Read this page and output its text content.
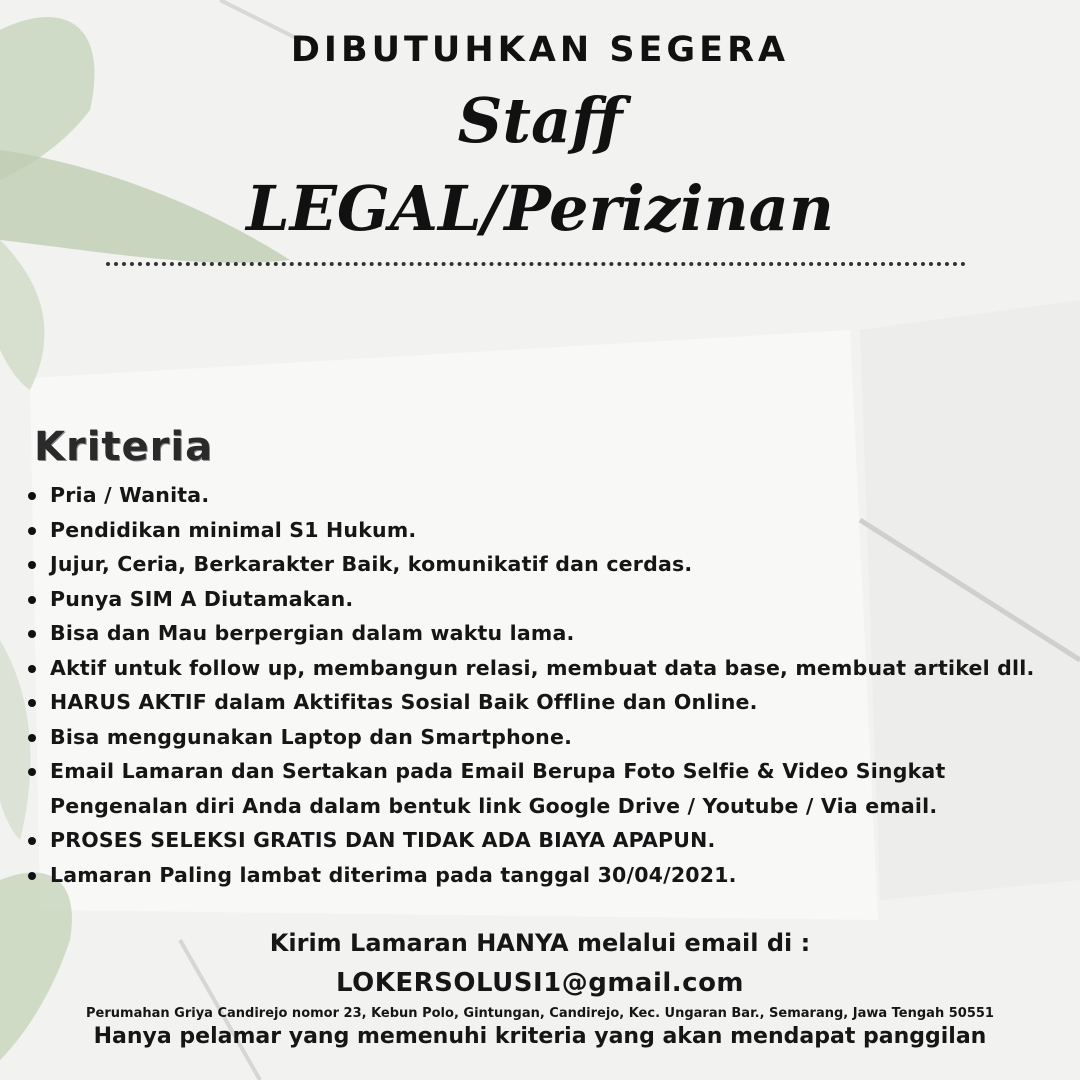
DIBUTUHKAN SEGERA
Staff
LEGAL/Perizinan
Kriteria
Pria / Wanita.
Pendidikan minimal S1 Hukum.
Jujur, Ceria, Berkarakter Baik, komunikatif dan cerdas.
Punya SIM A Diutamakan.
Bisa dan Mau berpergian dalam waktu lama.
Aktif untuk follow up, membangun relasi, membuat data base, membuat artikel dll.
HARUS AKTIF dalam Aktifitas Sosial Baik Offline dan Online.
Bisa menggunakan Laptop dan Smartphone.
Email Lamaran dan Sertakan pada Email Berupa Foto Selfie & Video Singkat
Pengenalan diri Anda dalam bentuk link Google Drive / Youtube / Via email.
PROSES SELEKSI GRATIS DAN TIDAK ADA BIAYA APAPUN.
Lamaran Paling lambat diterima pada tanggal 30/04/2021.
Kirim Lamaran HANYA melalui email di :
LOKERSOLUSI1@gmail.com
Perumahan Griya Candirejo nomor 23, Kebun Polo, Gintungan, Candirejo, Kec. Ungaran Bar., Semarang, Jawa Tengah 50551
Hanya pelamar yang memenuhi kriteria yang akan mendapat panggilan
